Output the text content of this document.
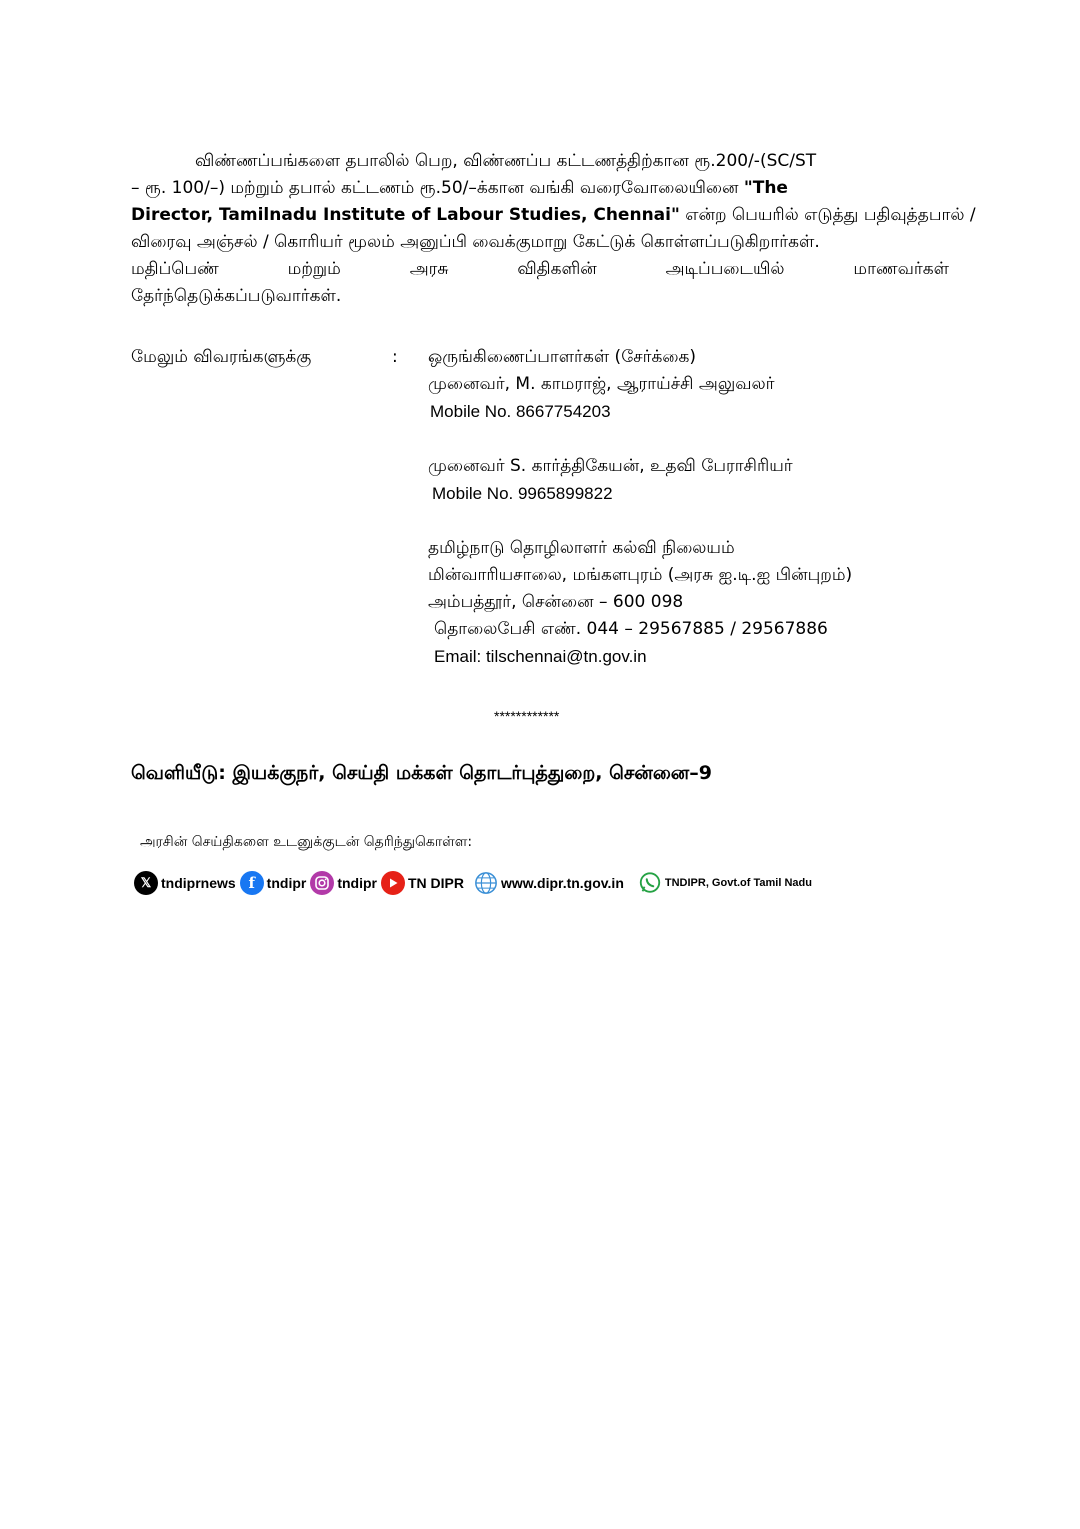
விண்ணப்பங்களை தபாலில் பெற, விண்ணப்ப கட்டணத்திற்கான ரூ.200/-(SC/ST
– ரூ. 100/–) மற்றும் தபால் கட்டணம் ரூ.50/–க்கான வங்கி வரைவோலையினை "The
Director, Tamilnadu Institute of Labour Studies, Chennai" என்ற பெயரில் எடுத்து பதிவுத்தபால் /
விரைவு அஞ்சல் / கொரியர் மூலம் அனுப்பி வைக்குமாறு கேட்டுக் கொள்ளப்படுகிறார்கள்.
மதிப்பெண்	மற்றும்	அரசு	விதிகளின்	அடிப்படையில்	மாணவர்கள்
தேர்ந்தெடுக்கப்படுவார்கள்.
மேலும் விவரங்களுக்கு	: ஒருங்கிணைப்பாளர்கள் (சேர்க்கை)
முனைவர், M. காமராஜ், ஆராய்ச்சி அலுவலர்
Mobile No. 8667754203
முனைவர் S. கார்த்திகேயன், உதவி பேராசிரியர்
Mobile No. 9965899822
தமிழ்நாடு தொழிலாளர் கல்வி நிலையம்
மின்வாரியசாலை, மங்களபுரம் (அரசு ஐ.டி.ஐ பின்புறம்)
அம்பத்தூர், சென்னை – 600 098
தொலைபேசி எண். 044 – 29567885 / 29567886
Email: tilschennai@tn.gov.in
************
வெளியீடு: இயக்குநர், செய்தி மக்கள் தொடர்புத்துறை, சென்னை–9
அரசின் செய்திகளை உடனுக்குடன் தெரிந்துகொள்ள:
𝕏 tndiprnews f tndipr tndipr TN DIPR	www.dipr.tn.gov.in	TNDIPR, Govt.of Tamil Nadu
